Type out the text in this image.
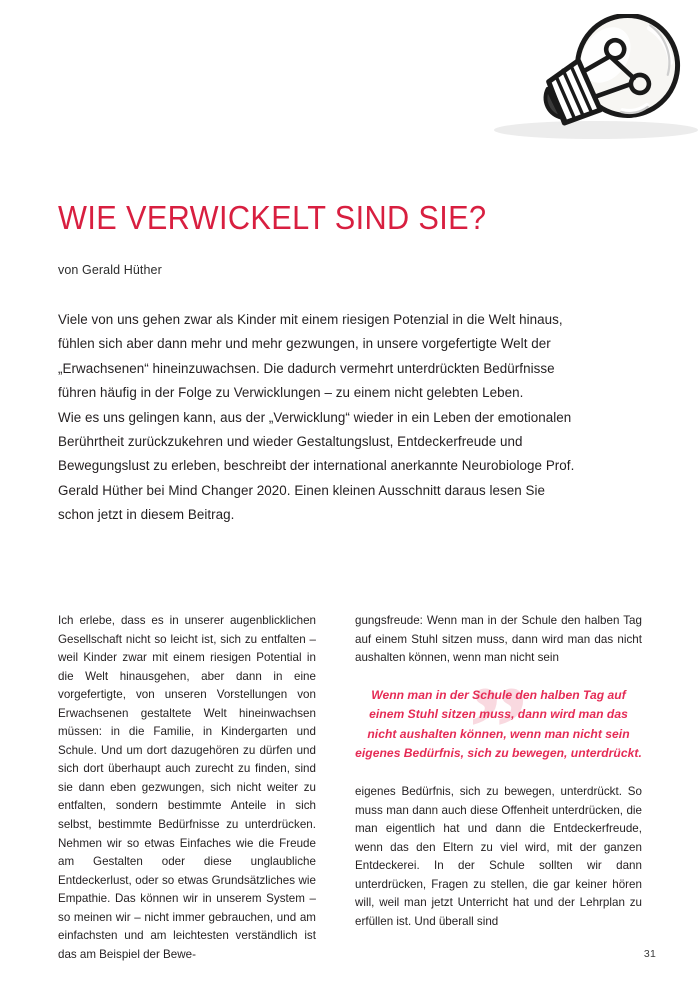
WIE VERWICKELT SIND SIE?
von Gerald Hüther

Viele von uns gehen zwar als Kinder mit einem riesigen Potenzial in die Welt hinaus, fühlen sich aber dann mehr und mehr gezwungen, in unsere vorgefertigte Welt der „Erwachsenen“ hineinzuwachsen. Die dadurch vermehrt unterdrückten Bedürfnisse führen häufig in der Folge zu Verwicklungen – zu einem nicht gelebten Leben.

Wie es uns gelingen kann, aus der „Verwicklung“ wieder in ein Leben der emotionalen Berührtheit zurückzukehren und wieder Gestaltungslust, Entdeckerfreude und Bewegungslust zu erleben, beschreibt der international anerkannte Neurobiologe Prof. Gerald Hüther bei Mind Changer 2020. Einen kleinen Ausschnitt daraus lesen Sie schon jetzt in diesem Beitrag.

Ich erlebe, dass es in unserer augenblicklichen Gesellschaft nicht so leicht ist, sich zu entfalten – weil Kinder zwar mit einem riesigen Potential in die Welt hinausgehen, aber dann in eine vorgefertigte, von unseren Vorstellungen von Erwachsenen gestaltete Welt hineinwachsen müssen: in die Familie, in Kindergarten und Schule. Und um dort dazugehören zu dürfen und sich dort überhaupt auch zurecht zu finden, sind sie dann eben gezwungen, sich nicht weiter zu entfalten, sondern bestimmte Anteile in sich selbst, bestimmte Bedürfnisse zu unterdrücken. Nehmen wir so etwas Einfaches wie die Freude am Gestalten oder diese unglaubliche Entdeckerlust, oder so etwas Grundsätzliches wie Empathie. Das können wir in unserem System – so meinen wir – nicht immer gebrauchen, und am einfachsten und am leichtesten verständlich ist das am Beispiel der Bewe-

gungsfreude: Wenn man in der Schule den halben Tag auf einem Stuhl sitzen muss, dann wird man das nicht aushalten können, wenn man nicht sein

”

Wenn man in der Schule den halben Tag auf einem Stuhl sitzen muss, dann wird man das nicht aushalten können, wenn man nicht sein eigenes Bedürfnis, sich zu bewegen, unterdrückt.

eigenes Bedürfnis, sich zu bewegen, unterdrückt. So muss man dann auch diese Offenheit unterdrücken, die man eigentlich hat und dann die Entdeckerfreude, wenn das den Eltern zu viel wird, mit der ganzen Entdeckerei. In der Schule sollten wir dann unterdrücken, Fragen zu stellen, die gar keiner hören will, weil man jetzt Unterricht hat und der Lehrplan zu erfüllen ist. Und überall sind

31
